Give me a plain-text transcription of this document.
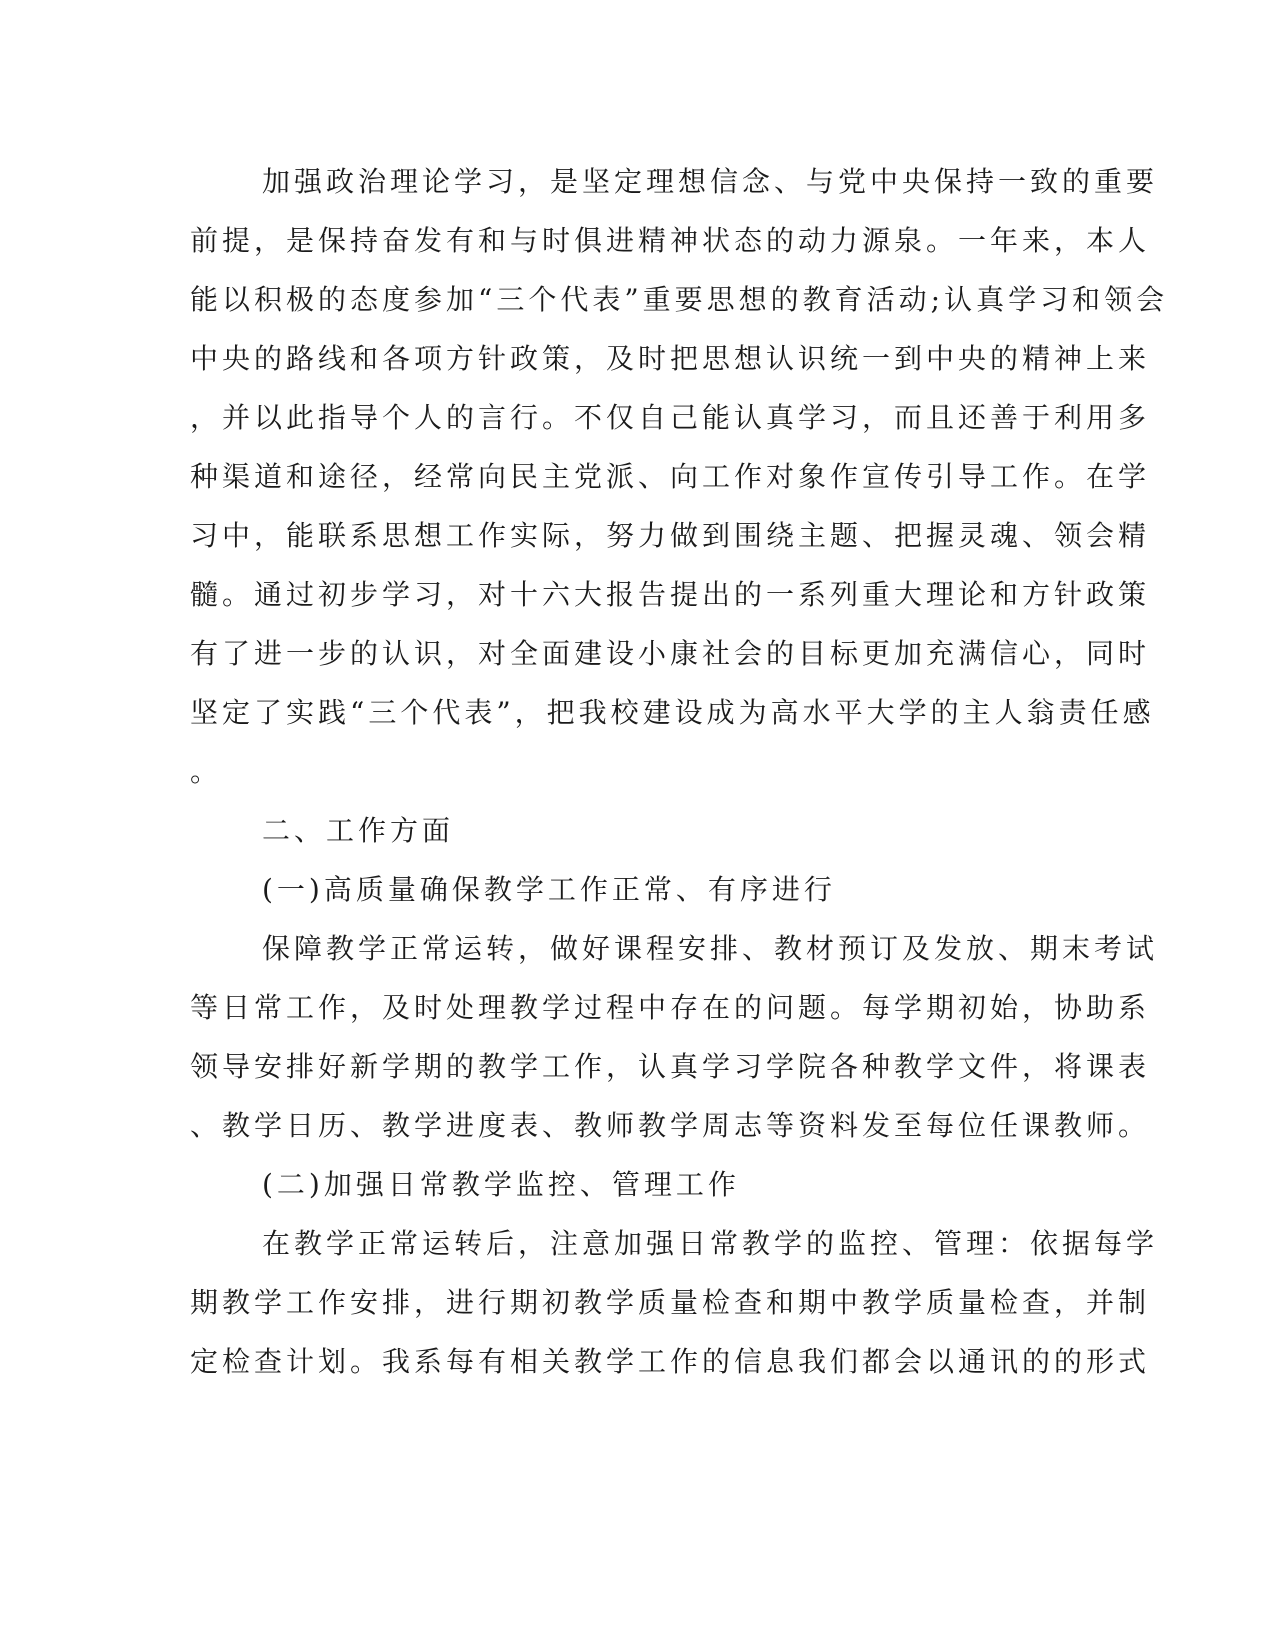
加强政治理论学习，是坚定理想信念、与党中央保持一致的重要
前提，是保持奋发有和与时俱进精神状态的动力源泉。一年来，本人
能以积极的态度参加“三个代表”重要思想的教育活动;认真学习和领会
中央的路线和各项方针政策，及时把思想认识统一到中央的精神上来
，并以此指导个人的言行。不仅自己能认真学习，而且还善于利用多
种渠道和途径，经常向民主党派、向工作对象作宣传引导工作。在学
习中，能联系思想工作实际，努力做到围绕主题、把握灵魂、领会精
髓。通过初步学习，对十六大报告提出的一系列重大理论和方针政策
有了进一步的认识，对全面建设小康社会的目标更加充满信心，同时
坚定了实践“三个代表”，把我校建设成为高水平大学的主人翁责任感
。
二、工作方面
(一)高质量确保教学工作正常、有序进行
保障教学正常运转，做好课程安排、教材预订及发放、期末考试
等日常工作，及时处理教学过程中存在的问题。每学期初始，协助系
领导安排好新学期的教学工作，认真学习学院各种教学文件，将课表
、教学日历、教学进度表、教师教学周志等资料发至每位任课教师。
(二)加强日常教学监控、管理工作
在教学正常运转后，注意加强日常教学的监控、管理：依据每学
期教学工作安排，进行期初教学质量检查和期中教学质量检查，并制
定检查计划。我系每有相关教学工作的信息我们都会以通讯的的形式
